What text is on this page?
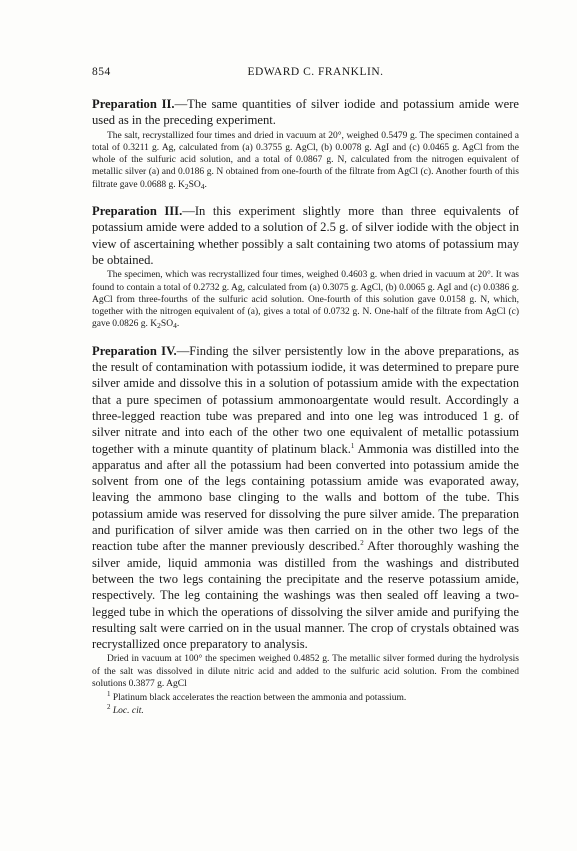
854	EDWARD C. FRANKLIN.

Preparation II.—The same quantities of silver iodide and potassium amide were used as in the preceding experiment.

The salt, recrystallized four times and dried in vacuum at 20°, weighed 0.5479 g. The specimen contained a total of 0.3211 g. Ag, calculated from (a) 0.3755 g. AgCl, (b) 0.0078 g. AgI and (c) 0.0465 g. AgCl from the whole of the sulfuric acid solution, and a total of 0.0867 g. N, calculated from the nitrogen equivalent of metallic silver (a) and 0.0186 g. N obtained from one-fourth of the filtrate from AgCl (c). Another fourth of this filtrate gave 0.0688 g. $K_2SO_4$.

Preparation III.—In this experiment slightly more than three equivalents of potassium amide were added to a solution of 2.5 g. of silver iodide with the object in view of ascertaining whether possibly a salt containing two atoms of potassium may be obtained.

The specimen, which was recrystallized four times, weighed 0.4603 g. when dried in vacuum at 20°. It was found to contain a total of 0.2732 g. Ag, calculated from (a) 0.3075 g. AgCl, (b) 0.0065 g. AgI and (c) 0.0386 g. AgCl from three-fourths of the sulfuric acid solution. One-fourth of this solution gave 0.0158 g. N, which, together with the nitrogen equivalent of (a), gives a total of 0.0732 g. N. One-half of the filtrate from AgCl (c) gave 0.0826 g. $K_2SO_4$.

Preparation IV.—Finding the silver persistently low in the above preparations, as the result of contamination with potassium iodide, it was determined to prepare pure silver amide and dissolve this in a solution of potassium amide with the expectation that a pure specimen of potassium ammonoargentate would result. Accordingly a three-legged reaction tube was prepared and into one leg was introduced 1 g. of silver nitrate and into each of the other two one equivalent of metallic potassium together with a minute quantity of platinum black.$^1$ Ammonia was distilled into the apparatus and after all the potassium had been converted into potassium amide the solvent from one of the legs containing potassium amide was evaporated away, leaving the ammono base clinging to the walls and bottom of the tube. This potassium amide was reserved for dissolving the pure silver amide. The preparation and purification of silver amide was then carried on in the other two legs of the reaction tube after the manner previously described.$^2$ After thoroughly washing the silver amide, liquid ammonia was distilled from the washings and distributed between the two legs containing the precipitate and the reserve potassium amide, respectively. The leg containing the washings was then sealed off leaving a two-legged tube in which the operations of dissolving the silver amide and purifying the resulting salt were carried on in the usual manner. The crop of crystals obtained was recrystallized once preparatory to analysis.

Dried in vacuum at 100° the specimen weighed 0.4852 g. The metallic silver formed during the hydrolysis of the salt was dissolved in dilute nitric acid and added to the sulfuric acid solution. From the combined solutions 0.3877 g. AgCl

$^1$ Platinum black accelerates the reaction between the ammonia and potassium.

$^2$ Loc. cit.
